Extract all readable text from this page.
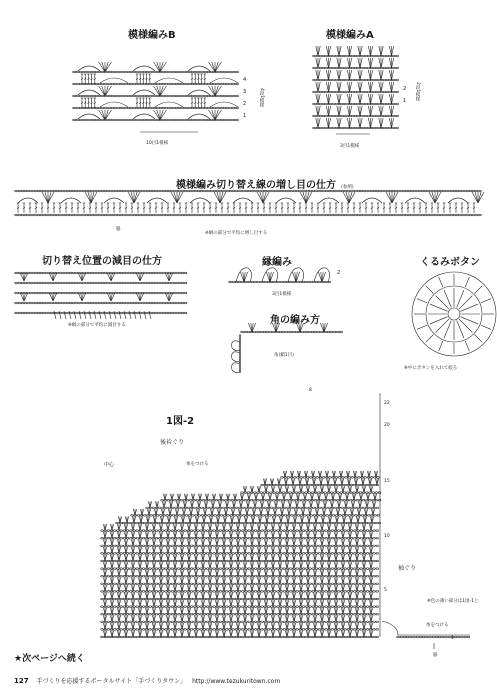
模様編みB
4
3
2
1
4段1模様
10目1模様
模様編みA
2
1 2段1模様
3目1模様
模様編み切り替え線の増し目の仕方 (参照)
脇
※網の部分で平均に増し目する
切り替え位置の減目の仕方
※網の部分で平均に減目する
縁編み
2
3目1模様
角の編み方
角(鎖1目)
くるみボタン
※中にボタンを入れて絞る
1図-2
後衿ぐり
中心	糸をつける
8
22
20
15
10
5
1
袖ぐり
※色の薄い部分は1図-1と
糸をつける
脇
★次ページへ続く
127 手づくりを応援するポータルサイト「手づくりタウン」 http://www.tezukuritown.com
